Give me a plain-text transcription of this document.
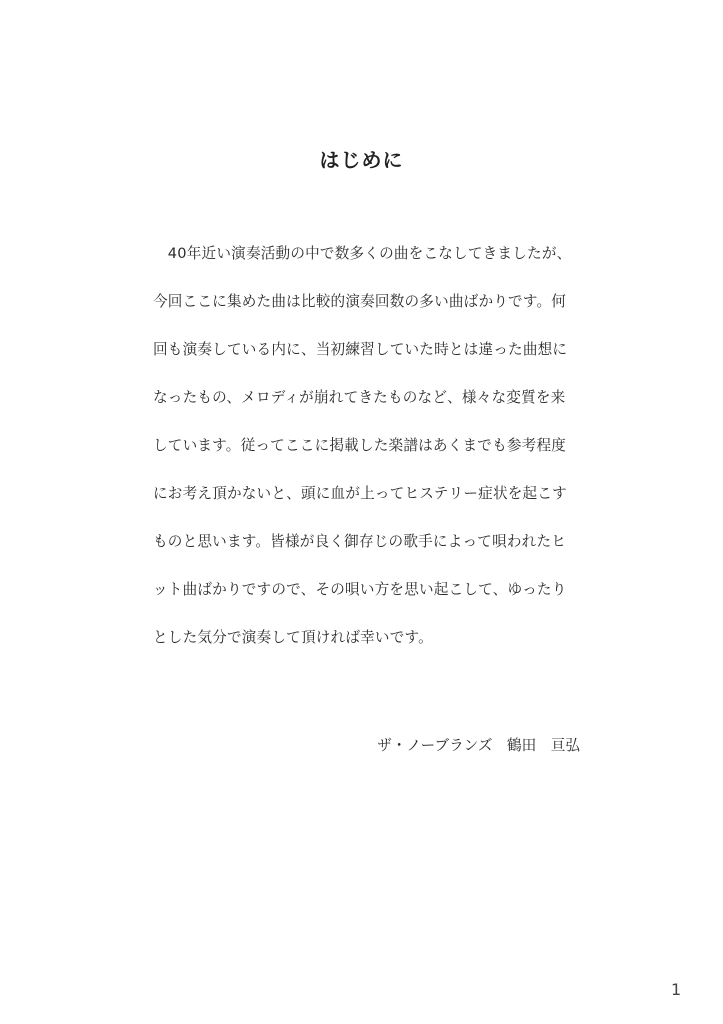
はじめに
　40年近い演奏活動の中で数多くの曲をこなしてきましたが、
今回ここに集めた曲は比較的演奏回数の多い曲ばかりです。何
回も演奏している内に、当初練習していた時とは違った曲想に
なったもの、メロディが崩れてきたものなど、様々な変質を来
しています。従ってここに掲載した楽譜はあくまでも参考程度
にお考え頂かないと、頭に血が上ってヒステリー症状を起こす
ものと思います。皆様が良く御存じの歌手によって唄われたヒ
ット曲ばかりですので、その唄い方を思い起こして、ゆったり
とした気分で演奏して頂ければ幸いです。
ザ・ノーブランズ　鶴田　亘弘
1
